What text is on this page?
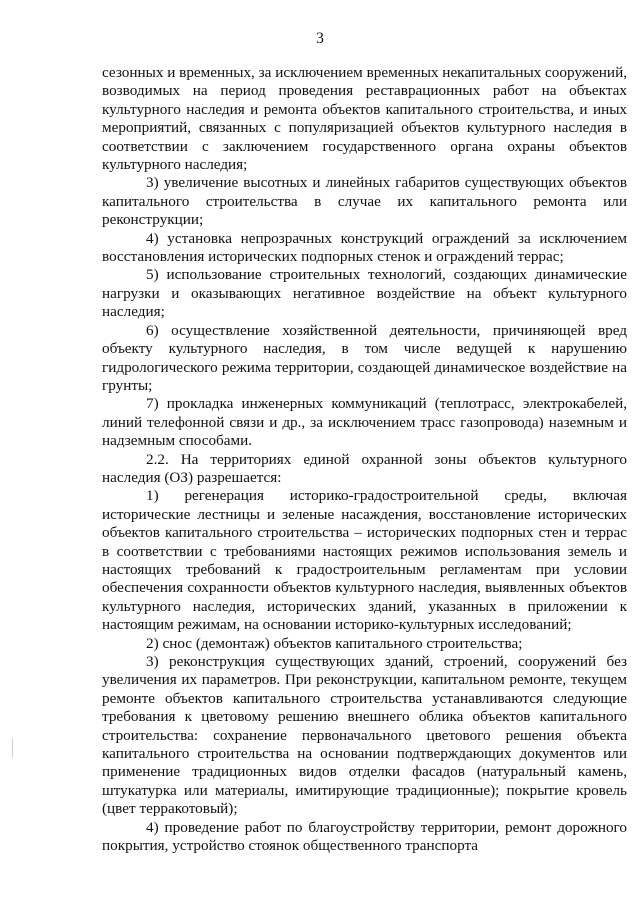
3

сезонных и временных, за исключением временных некапитальных сооружений, возводимых на период проведения реставрационных работ на объектах культурного наследия и ремонта объектов капитального строительства, и иных мероприятий, связанных с популяризацией объектов культурного наследия в соответствии с заключением государственного органа охраны объектов культурного наследия;

3) увеличение высотных и линейных габаритов существующих объектов капитального строительства в случае их капитального ремонта или реконструкции;

4) установка непрозрачных конструкций ограждений за исключением восстановления исторических подпорных стенок и ограждений террас;

5) использование строительных технологий, создающих динамические нагрузки и оказывающих негативное воздействие на объект культурного наследия;

6) осуществление хозяйственной деятельности, причиняющей вред объекту культурного наследия, в том числе ведущей к нарушению гидрологического режима территории, создающей динамическое воздействие на грунты;

7) прокладка инженерных коммуникаций (теплотрасс, электрокабелей, линий телефонной связи и др., за исключением трасс газопровода) наземным и надземным способами.

2.2. На территориях единой охранной зоны объектов культурного наследия (ОЗ) разрешается:

1) регенерация историко-градостроительной среды, включая исторические лестницы и зеленые насаждения, восстановление исторических объектов капитального строительства – исторических подпорных стен и террас в соответствии с требованиями настоящих режимов использования земель и настоящих требований к градостроительным регламентам при условии обеспечения сохранности объектов культурного наследия, выявленных объектов культурного наследия, исторических зданий, указанных в приложении к настоящим режимам, на основании историко-культурных исследований;

2) снос (демонтаж) объектов капитального строительства;

3) реконструкция существующих зданий, строений, сооружений без увеличения их параметров. При реконструкции, капитальном ремонте, текущем ремонте объектов капитального строительства устанавливаются следующие требования к цветовому решению внешнего облика объектов капитального строительства: сохранение первоначального цветового решения объекта капитального строительства на основании подтверждающих документов или применение традиционных видов отделки фасадов (натуральный камень, штукатурка или материалы, имитирующие традиционные); покрытие кровель (цвет терракотовый);

4) проведение работ по благоустройству территории, ремонт дорожного покрытия, устройство стоянок общественного транспорта
